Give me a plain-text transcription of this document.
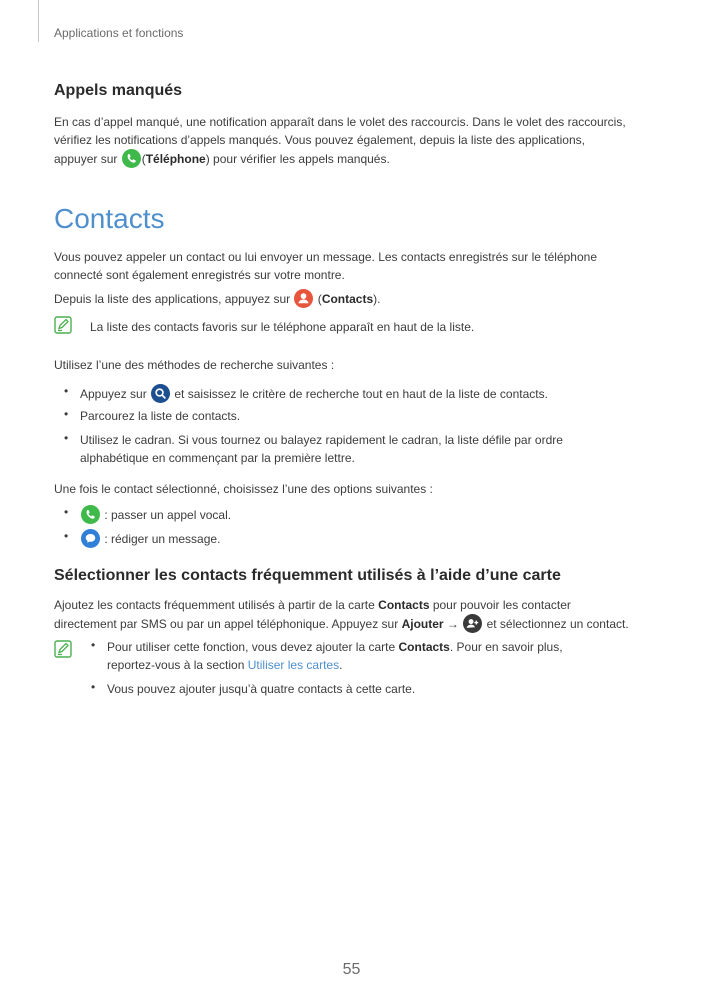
Applications et fonctions
Appels manqués

En cas d’appel manqué, une notification apparaît dans le volet des raccourcis. Dans le volet des raccourcis,

vérifiez les notifications d’appels manqués. Vous pouvez également, depuis la liste des applications,

appuyer sur
(Téléphone) pour vérifier les appels manqués.

Contacts

Vous pouvez appeler un contact ou lui envoyer un message. Les contacts enregistrés sur le téléphone

connecté sont également enregistrés sur votre montre.

Depuis la liste des applications, appuyez sur
(Contacts).

La liste des contacts favoris sur le téléphone apparaît en haut de la liste.

Utilisez l’une des méthodes de recherche suivantes :

• Appuyez sur
et saisissez le critère de recherche tout en haut de la liste de contacts.

• Parcourez la liste de contacts.

• Utilisez le cadran. Si vous tournez ou balayez rapidement le cadran, la liste défile par ordre

alphabétique en commençant par la première lettre.

Une fois le contact sélectionné, choisissez l’une des options suivantes :

•	: passer un appel vocal.

•	: rédiger un message.

Sélectionner les contacts fréquemment utilisés à l’aide d’une carte

Ajoutez les contacts fréquemment utilisés à partir de la carte Contacts pour pouvoir les contacter

directement par SMS ou par un appel téléphonique. Appuyez sur Ajouter →
et sélectionnez un contact.

• Pour utiliser cette fonction, vous devez ajouter la carte Contacts. Pour en savoir plus,

reportez-vous à la section Utiliser les cartes.

• Vous pouvez ajouter jusqu’à quatre contacts à cette carte.

55
